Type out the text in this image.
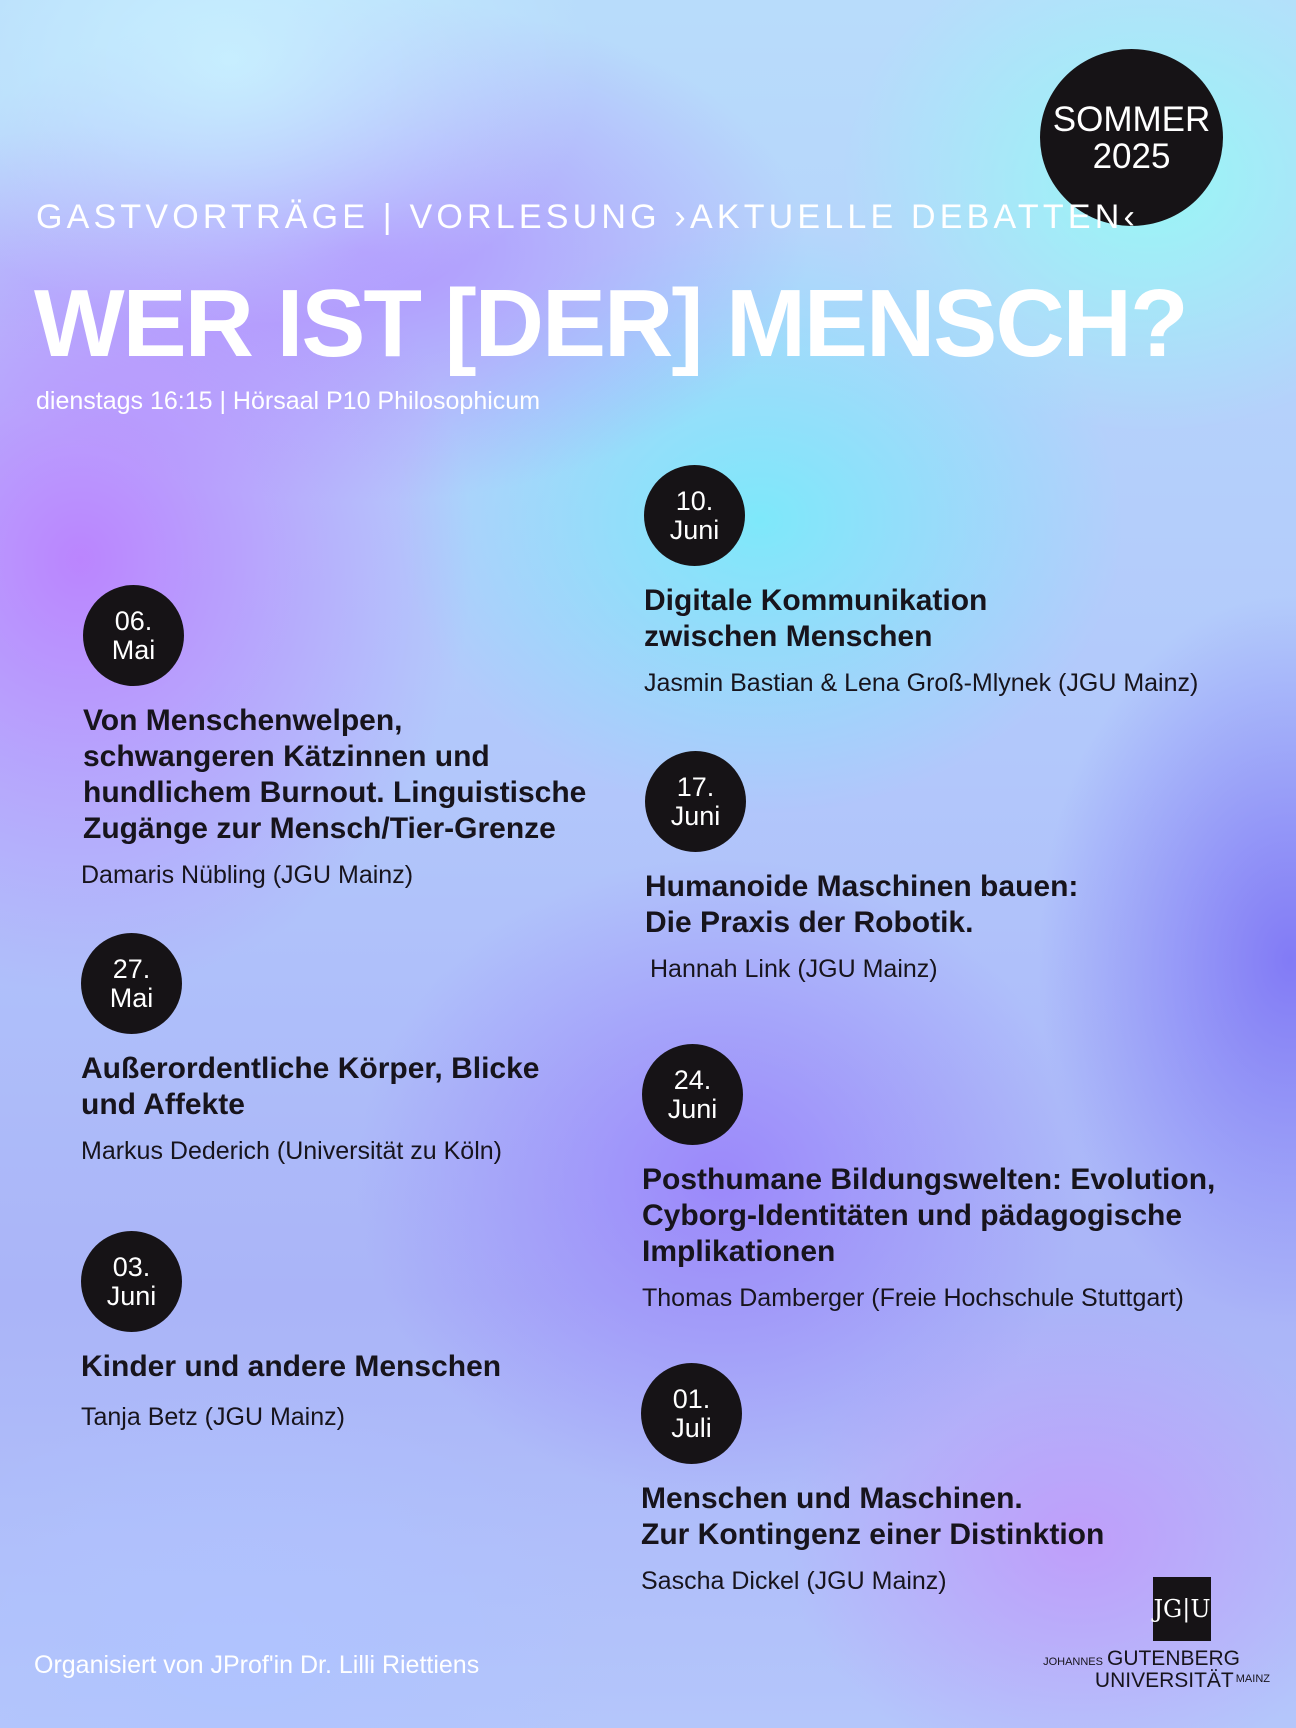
SOMMER
2025
GASTVORTRÄGE | VORLESUNG ›AKTUELLE DEBATTEN‹
WER IST [DER] MENSCH?
dienstags 16:15 | Hörsaal P10 Philosophicum
06.
Mai
Von Menschenwelpen,
schwangeren Kätzinnen und
hundlichem Burnout. Linguistische
Zugänge zur Mensch/Tier-Grenze
Damaris Nübling (JGU Mainz)
27.
Mai
Außerordentliche Körper, Blicke
und Affekte
Markus Dederich (Universität zu Köln)
03.
Juni
Kinder und andere Menschen
Tanja Betz (JGU Mainz)
10.
Juni
Digitale Kommunikation
zwischen Menschen
Jasmin Bastian & Lena Groß-Mlynek (JGU Mainz)
17.
Juni
Humanoide Maschinen bauen:
Die Praxis der Robotik.
Hannah Link (JGU Mainz)
24.
Juni
Posthumane Bildungswelten: Evolution,
Cyborg-Identitäten und pädagogische
Implikationen
Thomas Damberger (Freie Hochschule Stuttgart)
01.
Juli
Menschen und Maschinen.
Zur Kontingenz einer Distinktion
Sascha Dickel (JGU Mainz)
Organisiert von JProf'in Dr. Lilli Riettiens
JG|U
JOHANNES GUTENBERG
UNIVERSITÄT $^{MAINZ}$
